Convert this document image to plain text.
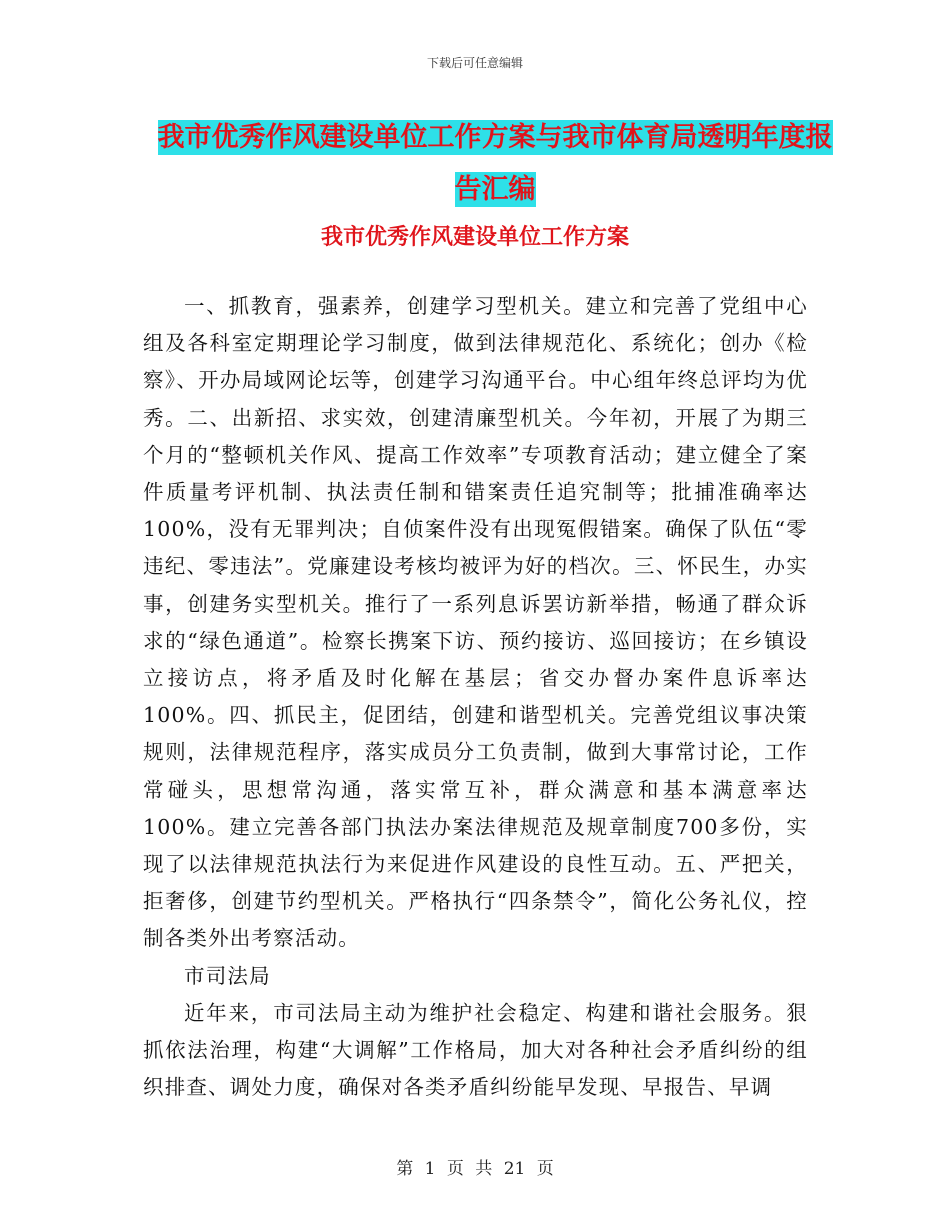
下载后可任意编辑
我市优秀作风建设单位工作方案与我市体育局透明年度报告汇编
我市优秀作风建设单位工作方案

一、抓教育，强素养，创建学习型机关。建立和完善了党组中心组及各科室定期理论学习制度，做到法律规范化、系统化；创办《检察》、开办局域网论坛等，创建学习沟通平台。中心组年终总评均为优秀。二、出新招、求实效，创建清廉型机关。今年初，开展了为期三个月的“整顿机关作风、提高工作效率”专项教育活动；建立健全了案件质量考评机制、执法责任制和错案责任追究制等；批捕准确率达100%，没有无罪判决；自侦案件没有出现冤假错案。确保了队伍“零违纪、零违法”。党廉建设考核均被评为好的档次。三、怀民生，办实事，创建务实型机关。推行了一系列息诉罢访新举措，畅通了群众诉求的“绿色通道”。检察长携案下访、预约接访、巡回接访；在乡镇设立接访点，将矛盾及时化解在基层；省交办督办案件息诉率达100%。四、抓民主，促团结，创建和谐型机关。完善党组议事决策规则，法律规范程序，落实成员分工负责制，做到大事常讨论，工作常碰头，思想常沟通，落实常互补，群众满意和基本满意率达100%。建立完善各部门执法办案法律规范及规章制度700多份，实现了以法律规范执法行为来促进作风建设的良性互动。五、严把关，拒奢侈，创建节约型机关。严格执行“四条禁令”，简化公务礼仪，控制各类外出考察活动。

市司法局

近年来，市司法局主动为维护社会稳定、构建和谐社会服务。狠抓依法治理，构建“大调解”工作格局，加大对各种社会矛盾纠纷的组织排查、调处力度，确保对各类矛盾纠纷能早发现、早报告、早调

第 1 页 共 21 页
